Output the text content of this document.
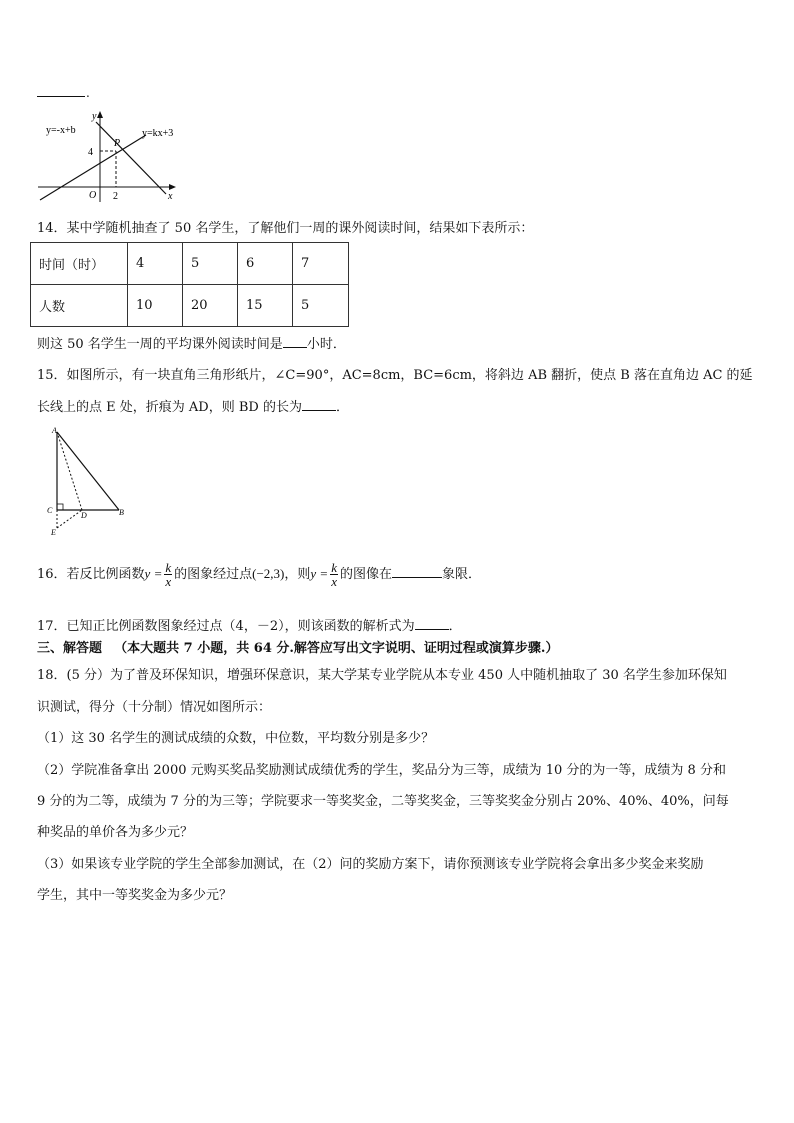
.
y=-x+b	y=kx+3
y
x
P
4
2
O
14．某中学随机抽查了 50 名学生，了解他们一周的课外阅读时间，结果如下表所示：
时间（时）	4	5	6	7
人数	10	20	15	5
则这 50 名学生一周的平均课外阅读时间是 小时．
15．如图所示，有一块直角三角形纸片，∠C=90°，AC=8cm，BC=6cm，将斜边 AB 翻折，使点 B 落在直角边 AC 的延
长线上的点 E 处，折痕为 AD，则 BD 的长为	．
A
B
C
D
E
16．若反比例函数$y = \frac{k}{x}$ 的图象经过点(−2,3)，则$y = \frac{k}{x}$ 的图像在	象限．
17．已知正比例函数图象经过点（4，－2），则该函数的解析式为	．
三、解答题 （本大题共 7 小题，共 64 分.解答应写出文字说明、证明过程或演算步骤.）
18．(5 分）为了普及环保知识，增强环保意识，某大学某专业学院从本专业 450 人中随机抽取了 30 名学生参加环保知
识测试，得分（十分制）情况如图所示：
（1）这 30 名学生的测试成绩的众数，中位数，平均数分别是多少？
（2）学院准备拿出 2000 元购买奖品奖励测试成绩优秀的学生，奖品分为三等，成绩为 10 分的为一等，成绩为 8 分和
9 分的为二等，成绩为 7 分的为三等；学院要求一等奖奖金，二等奖奖金，三等奖奖金分别占 20%、40%、40%，问每
种奖品的单价各为多少元？
（3）如果该专业学院的学生全部参加测试，在（2）问的奖励方案下，请你预测该专业学院将会拿出多少奖金来奖励
学生，其中一等奖奖金为多少元？
